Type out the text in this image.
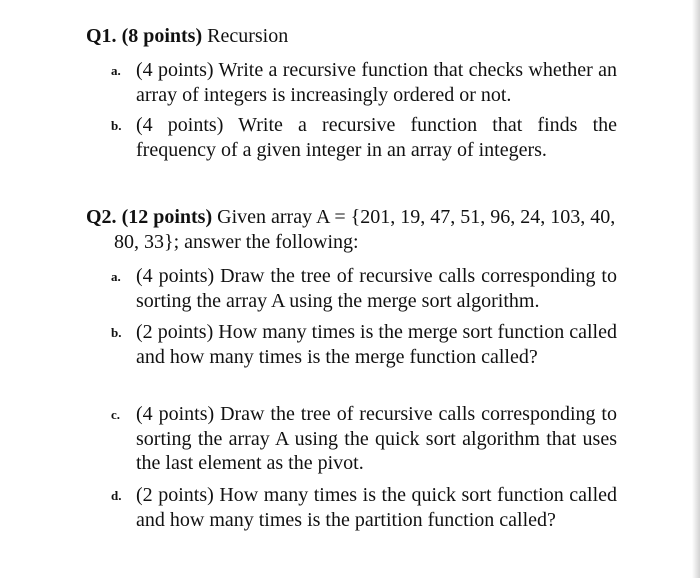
Q1. (8 points) Recursion

a. (4 points) Write a recursive function that checks whether an array of integers is increasingly ordered or not.
b. (4 points) Write a recursive function that finds the frequency of a given integer in an array of integers.

Q2. (12 points) Given array A = {201, 19, 47, 51, 96, 24, 103, 40, 80, 33}; answer the following:

a. (4 points) Draw the tree of recursive calls corresponding to sorting the array A using the merge sort algorithm.
b. (2 points) How many times is the merge sort function called and how many times is the merge function called?
c. (4 points) Draw the tree of recursive calls corresponding to sorting the array A using the quick sort algorithm that uses the last element as the pivot.
d. (2 points) How many times is the quick sort function called and how many times is the partition function called?
